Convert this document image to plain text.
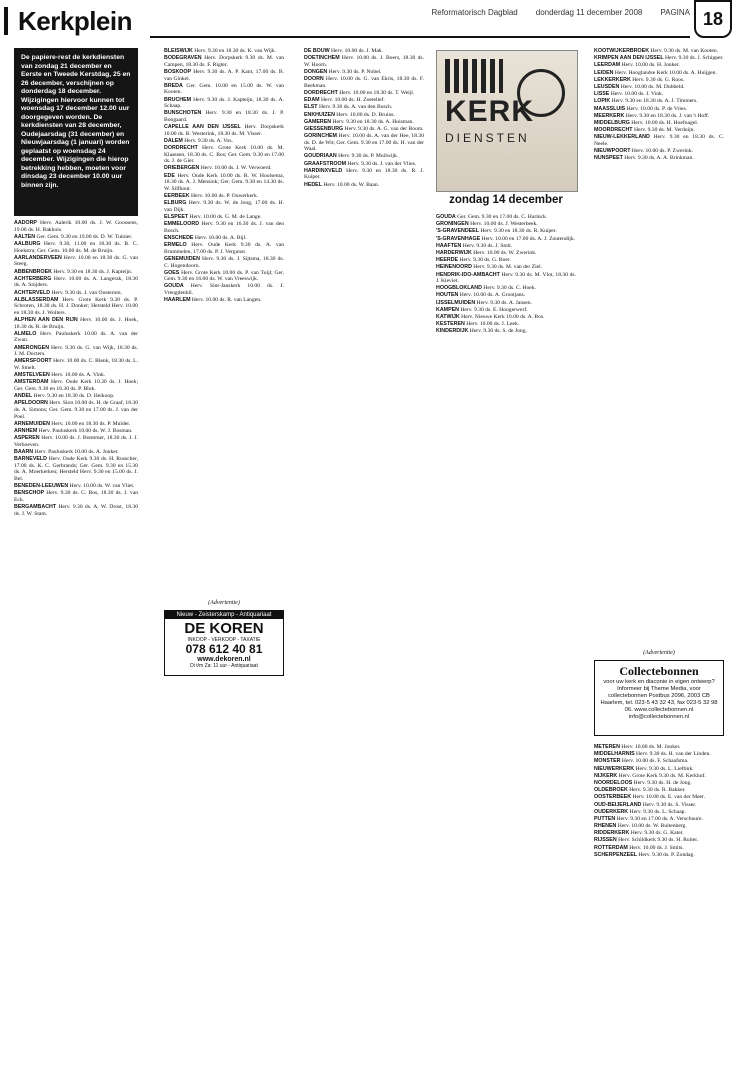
Kerkplein	Reformatorisch Dagblad donderdag 11 december 2008 PAGINA 18
De papiere-rest de kerkdiensten van zondag 21 december en Eerste en Tweede Kerstdag, 25 en 26 december, verschijnen op donderdag 18 december. Wijzigingen hiervoor kunnen tot woensdag 17 december 12.00 uur doorgegeven worden. De kerkdiensten van 28 december, Oudejaarsdag (31 december) en Nieuwjaarsdag (1 januari) worden geplaatst op woensdag 24 december. Wijzigingen die hierop betrekking hebben, moeten voor dinsdag 23 december 10.00 uur binnen zijn.

AADORP Herv. Aalerik 10.00 ds. J. W. Goossens, 19.00 ds. H. Bakhuis.

AALTEN Ger. Gem. 9.30 en 19.00 ds. D. W. Tuinier.

AALBURG Herv. 9.30, 11.00 en 18.30 ds. B. C. Hoekstra; Ger. Gem. 10.00 ds. M. de Bruijn.

AARLANDERVEEN Herv. 10.00 en 18.30 ds. G. van Steeg.

ABBENBROEK Herv. 9.30 en 18.30 ds. J. Kapteijn.

ACHTERBERG Herv. 10.00 ds. A. Langerak, 18.30 ds. A. Snijders.

ACHTERVELD Herv. 9.30 ds. J. van Oosterom.

ALBLASSERDAM Herv. Grote Kerk 9.30 ds. P. Schroten, 18.30 ds. H. J. Donker; Hersteld Herv. 10.00 en 18.30 ds. J. Wolters.

ALPHEN AAN DEN RIJN Herv. 10.00 ds. J. Hoek, 18.30 ds. R. de Bruijn.

ALMELO Herv. Pauluskerk 10.00 ds. A. van der Zwan.

AMERONGEN Herv. 9.30 ds. G. van Wijk, 18.30 ds. J. M. Docters.

AMERSFOORT Herv. 10.00 ds. C. Blenk, 18.30 ds. L. W. Smelt.

AMSTELVEEN Herv. 10.00 ds. A. Vink.

AMSTERDAM Herv. Oude Kerk 10.30 ds. J. Hoek; Ger. Gem. 9.30 en 16.30 ds. P. Blok.

ANDEL Herv. 9.30 en 18.30 ds. D. Heikoop.

APELDOORN Herv. Sion 10.00 ds. H. de Graaf, 18.30 ds. A. Simons; Ger. Gem. 9.30 en 17.00 ds. J. van der Poel.

ARNEMUIDEN Herv. 10.00 en 18.30 ds. P. Mulder.

ARNHEM Herv. Pauluskerk 10.00 ds. W. J. Bosman.

ASPEREN Herv. 10.00 ds. J. Bremmer, 18.30 ds. J. J. Verhoeven.

BAARN Herv. Pauluskerk 10.00 ds. A. Jonker.

BARNEVELD Herv. Oude Kerk 9.30 ds. H. Russcher, 17.00 ds. K. C. Gerbrands; Ger. Gem. 9.30 en 15.30 ds. A. Moerkerken; Hersteld Herv. 9.30 en 15.00 ds. J. Bel.

BENEDEN-LEEUWEN Herv. 10.00 ds. W. van Vliet.

BENSCHOP Herv. 9.30 ds. C. Bos, 18.30 ds. J. van Eck.

BERGAMBACHT Herv. 9.30 ds. A. W. Drost, 18.30 ds. J. W. Stam.

BLEISWIJK Herv. 9.30 en 18.30 ds. K. van Wijk.

BODEGRAVEN Herv. Dorpskerk 9.30 ds. M. van Campen, 18.30 ds. F. Rigter.

BOSKOOP Herv. 9.30 ds. A. P. Kant, 17.00 ds. B. van Ginkel.

BREDA Ger. Gem. 10.00 en 15.00 ds. W. van Kooten.

BRUCHEM Herv. 9.30 ds. J. Kapteijn, 18.30 ds. A. Schaap.

BUNSCHOTEN Herv. 9.30 en 18.30 ds. J. P. Boogaard.

CAPELLE AAN DEN IJSSEL Herv. Dorpskerk 10.00 ds. B. Westerink, 18.30 ds. M. Visser.

DALEM Herv. 9.30 ds. A. Vos.

DORDRECHT Herv. Grote Kerk 10.00 ds. M. Klaassen, 18.30 ds. C. Bos; Ger. Gem. 9.30 en 17.00 ds. J. de Gier.

DRIEBERGEN Herv. 10.00 ds. J. W. Verwoerd.

EDE Herv. Oude Kerk 10.00 ds. R. W. Hoolsema, 18.30 ds. A. J. Mensink; Ger. Gem. 9.30 en 14.30 ds. W. Silfhout.

EERBEEK Herv. 10.00 ds. P. Ouwerkerk.

ELBURG Herv. 9.30 ds. W. de Jong, 17.00 ds. H. van Dijk.

ELSPEET Herv. 10.00 ds. G. M. de Lange.

EMMELOORD Herv. 9.30 en 16.30 ds. J. van den Bosch.

ENSCHEDE Herv. 10.00 ds. A. Bijl.

ERMELO Herv. Oude Kerk 9.30 ds. A. van Brummelen, 17.00 ds. P. J. Vergunst.

GENEMUIDEN Herv. 9.30 ds. J. Sijtsma, 18.30 ds. C. Hogendoorn.

GOES Herv. Grote Kerk 10.00 ds. P. van Tuijl; Ger. Gem. 9.30 en 16.00 ds. W. van Vreeswijk.

GOUDA Herv. Sint-Janskerk 10.00 ds. J. Vreugdenhil.

HAARLEM Herv. 10.00 ds. R. van Langen.

DE BOUW Herv. 10.00 ds. J. Mak.

DOETINCHEM Herv. 10.00 ds. J. Boers, 18.30 ds. W. Hoorn.

DONGEN Herv. 9.30 ds. P. Nobel.

DOORN Herv. 10.00 ds. G. van Ekris, 18.30 ds. F. Beekman.

DORDRECHT Herv. 10.00 en 18.30 ds. T. Weijl.

EDAM Herv. 10.00 ds. H. Zoetelief.

ELST Herv. 9.30 ds. A. van den Bosch.

ENKHUIZEN Herv. 10.00 ds. D. Bruins.

GAMEREN Herv. 9.30 en 18.30 ds. A. Huisman.

GIESSENBURG Herv. 9.30 ds. A. G. van der Boom.

GORINCHEM Herv. 10.00 ds. A. van der Hee, 18.30 ds. D. de Wit; Ger. Gem. 9.30 en 17.00 ds. H. van der Waal.

GOUDRIAAN Herv. 9.30 ds. P. Muilwijk.

GRAAFSTROOM Herv. 9.30 ds. J. van der Vlies.

HARDINXVELD Herv. 9.30 en 18.30 ds. R. J. Kuiper.

HEDEL Herv. 10.00 ds. W. Baan.

GOUDA Ger. Gem. 9.30 en 17.00 ds. C. Harinck.

GRONINGEN Herv. 10.00 ds. J. Westerbeek.

'S-GRAVENDEEL Herv. 9.30 en 18.30 ds. R. Kuiper.

'S-GRAVENHAGE Herv. 10.00 en 17.00 ds. A. J. Zoutendijk.

HAAFTEN Herv. 9.30 ds. J. Smit.

HARDERWIJK Herv. 10.00 ds. W. Zwerink.

HEERDE Herv. 9.30 ds. G. Boer.

HEINENOORD Herv. 9.30 ds. M. van der Ziel.

HENDRIK-IDO-AMBACHT Herv. 9.30 ds. M. Vlot, 18.30 ds. J. Kieviet.

HOOGBLOKLAND Herv. 9.30 ds. C. Hoek.

HOUTEN Herv. 10.00 ds. A. Grootjans.

IJSSELMUIDEN Herv. 9.30 ds. A. Jansen.

KAMPEN Herv. 9.30 ds. E. Hoogerwerf.

KATWIJK Herv. Nieuwe Kerk 10.00 ds. A. Bos.

KESTEREN Herv. 10.00 ds. J. Leek.

KINDERDIJK Herv. 9.30 ds. S. de Jong.

KOOTWIJKERBROEK Herv. 9.30 ds. M. van Kooten.

KRIMPEN AAN DEN IJSSEL Herv. 9.30 ds. J. Schipper.

LEERDAM Herv. 10.00 ds. H. Jonker.

LEIDEN Herv. Hooglandse Kerk 10.00 ds. A. Huijgen.

LEKKERKERK Herv. 9.30 ds. G. Roos.

LEUSDEN Herv. 10.00 ds. M. Dubbeld.

LISSE Herv. 10.00 ds. J. Vink.

LOPIK Herv. 9.30 en 18.30 ds. A. J. Timmers.

MAASSLUIS Herv. 10.00 ds. P. de Vries.

MEERKERK Herv. 9.30 en 18.30 ds. J. van 't Hoff.

MIDDELBURG Herv. 10.00 ds. H. Hoefnagel.

MOORDRECHT Herv. 9.30 ds. M. Verduijn.

NIEUW-LEKKERLAND Herv. 9.30 en 18.30 ds. C. Neele.

NIEUWPOORT Herv. 10.00 ds. P. Zwerink.

NUNSPEET Herv. 9.30 ds. A. A. Brinkman.

METEREN Herv. 10.00 ds. M. Jonker.

MIDDELHARNIS Herv. 9.30 ds. H. van der Linden.

MONSTER Herv. 10.00 ds. F. Schaafsma.

NIEUWERKERK Herv. 9.30 ds. L. Lieftink.

NIJKERK Herv. Grote Kerk 9.30 ds. M. Kerkhof.

NOORDELOOS Herv. 9.30 ds. H. de Jong.

OLDEBROEK Herv. 9.30 ds. R. Bakker.

OOSTERBEEK Herv. 10.00 ds. E. van der Meer.

OUD-BEIJERLAND Herv. 9.30 ds. S. Visser.

OUDERKERK Herv. 9.30 ds. L. Schaap.

PUTTEN Herv. 9.30 en 17.00 ds. A. Verschuure.

RHENEN Herv. 10.00 ds. W. Ruitenberg.

RIDDERKERK Herv. 9.30 ds. G. Kater.

RIJSSEN Herv. Schildkerk 9.30 ds. H. Ruiter.

ROTTERDAM Herv. 10.00 ds. J. Smits.

SCHERPENZEEL Herv. 9.30 ds. P. Zondag.

KERK
DIENSTEN
zondag 14 december
(Advertentie)
Nieuw - Zeisterskamp - Antiquariaat
DE KOREN
INKOOP - VERKOOP - TAXATIE
078 612 40 81
www.dekoren.nl
Di t/m Za: 11 uur - Antiquariaat
(Advertentie)
Collectebonnen
voor uw kerk en diaconie in eigen ontwerp? Informeer bij Theme Media, voor collectebonnen Postbus 2096, 2003 CB Haarlem, tel. 023-5 43 32 43, fax 023-5 32 98 06. www.collectebonnen.nl info@collectebonnen.nl
